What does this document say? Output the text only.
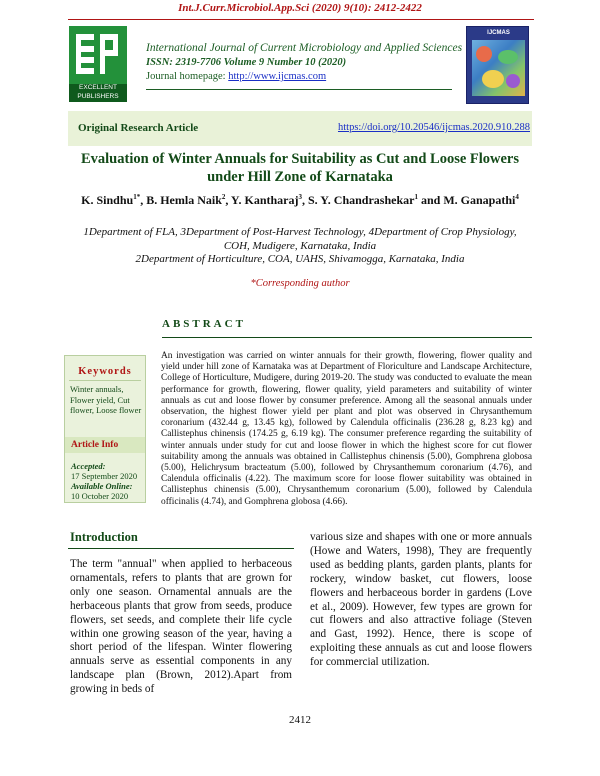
Int.J.Curr.Microbiol.App.Sci (2020) 9(10): 2412-2422
EXCELLENT
PUBLISHERS
International Journal of Current Microbiology and Applied Sciences
ISSN: 2319-7706 Volume 9 Number 10 (2020)
Journal homepage: http://www.ijcmas.com
IJCMAS
Original Research Article	https://doi.org/10.20546/ijcmas.2020.910.288
Evaluation of Winter Annuals for Suitability as Cut and Loose Flowers under Hill Zone of Karnataka
K. Sindhu$^{1*}$, B. Hemla Naik$^2$, Y. Kantharaj$^3$, S. Y. Chandrashekar$^1$ and M. Ganapathi$^4$
1Department of FLA, 3Department of Post-Harvest Technology, 4Department of Crop Physiology, COH, Mudigere, Karnataka, India
2Department of Horticulture, COA, UAHS, Shivamogga, Karnataka, India
*Corresponding author
ABSTRACT
An investigation was carried on winter annuals for their growth, flowering, flower quality and yield under hill zone of Karnataka was at Department of Floriculture and Landscape Architecture, College of Horticulture, Mudigere, during 2019-20. The study was conducted to evaluate the mean performance for growth, flowering, flower quality, yield parameters and suitability of winter annuals as cut and loose flower by consumer preference. Among all the seasonal annuals under observation, the highest flower yield per plant and plot was observed in Chrysanthemum coronarium (432.44 g, 13.45 kg), followed by Calendula officinalis (236.28 g, 8.23 kg) and Callistephus chinensis (174.25 g, 6.19 kg). The consumer preference regarding the suitability of winter annuals under study for cut and loose flower in which the highest score for cut flower suitability among the annuals was obtained in Callistephus chinensis (5.00), Gomphrena globosa (5.00), Helichrysum bracteatum (5.00), followed by Chrysanthemum coronarium (4.76), and Calendula officinalis (4.22). The maximum score for loose flower suitability was obtained in Callistephus chinensis (5.00), Chrysanthemum coronarium (5.00), followed by Calendula officinalis (4.74), and Gomphrena globosa (4.66).
Keywords
Winter annuals, Flower yield, Cut flower, Loose flower
Article Info
Accepted:
17 September 2020
Available Online:
10 October 2020
Introduction
The term "annual" when applied to herbaceous ornamentals, refers to plants that are grown for only one season. Ornamental annuals are the herbaceous plants that grow from seeds, produce flowers, set seeds, and complete their life cycle within one growing season of the year, having a short period of the lifespan. Winter flowering annuals serve as essential components in any landscape plan (Brown, 2012).Apart from growing in beds of
various size and shapes with one or more annuals (Howe and Waters, 1998), They are frequently used as bedding plants, garden plants, plants for rockery, window basket, cut flowers, loose flowers and herbaceous border in gardens (Love et al., 2009). However, few types are grown for cut flowers and also attractive foliage (Steven and Gast, 1992). Hence, there is scope of exploiting these annuals as cut and loose flowers for commercial utilization.
2412
